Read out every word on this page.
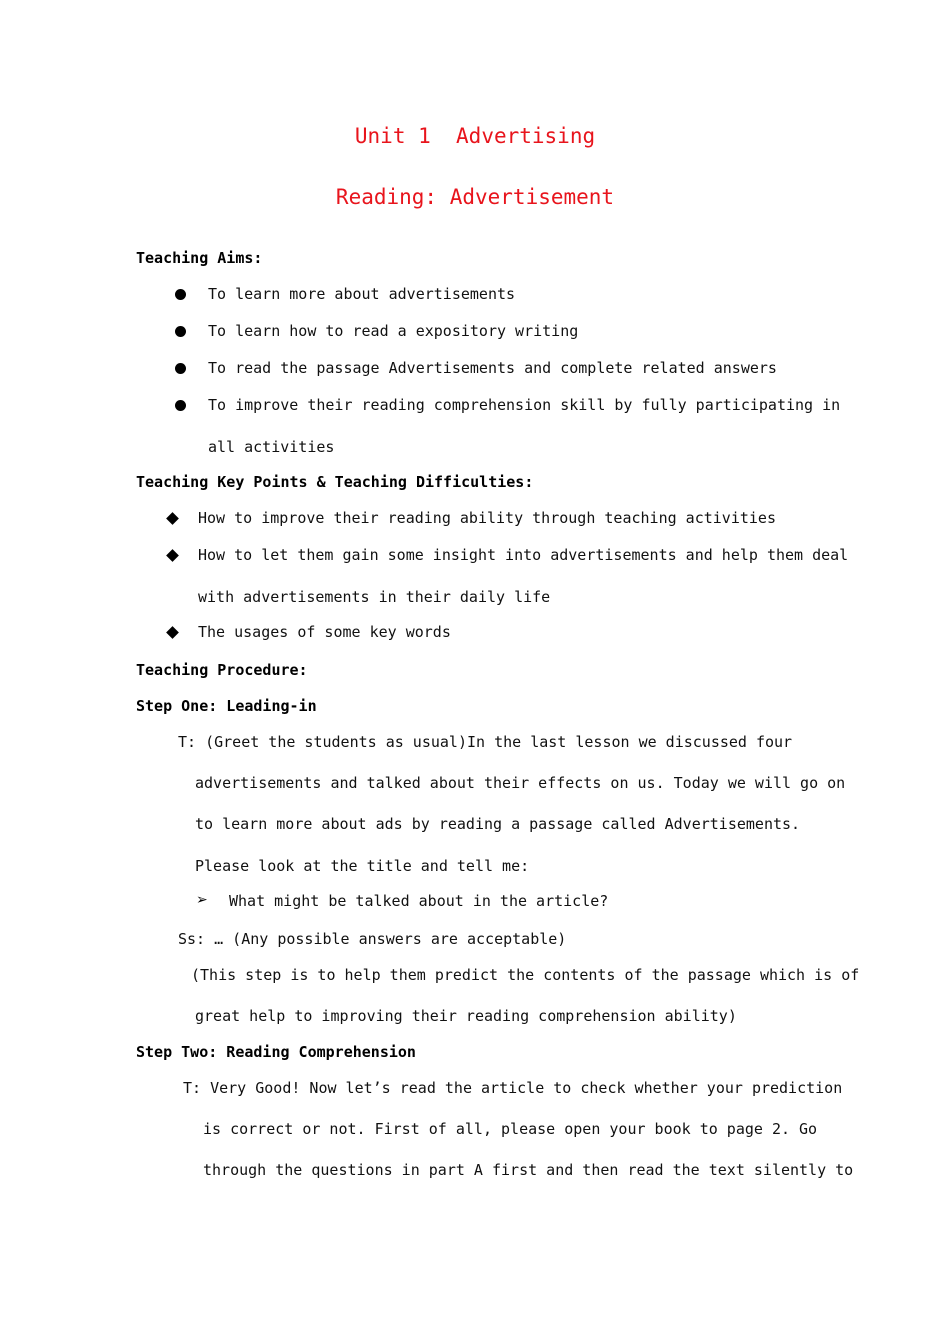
Unit 1  Advertising
Reading: Advertisement
Teaching Aims:
To learn more about advertisements
To learn how to read a expository writing
To read the passage Advertisements and complete related answers
To improve their reading comprehension skill by fully participating in
all activities
Teaching Key Points & Teaching Difficulties:
How to improve their reading ability through teaching activities
How to let them gain some insight into advertisements and help them deal
with advertisements in their daily life
The usages of some key words
Teaching Procedure:
Step One: Leading-in
T: (Greet the students as usual)In the last lesson we discussed four
advertisements and talked about their effects on us. Today we will go on
to learn more about ads by reading a passage called Advertisements.
Please look at the title and tell me:
➢ What might be talked about in the article?
Ss: … (Any possible answers are acceptable)
(This step is to help them predict the contents of the passage which is of
great help to improving their reading comprehension ability)
Step Two: Reading Comprehension
T: Very Good! Now let’s read the article to check whether your prediction
is correct or not. First of all, please open your book to page 2. Go
through the questions in part A first and then read the text silently to
